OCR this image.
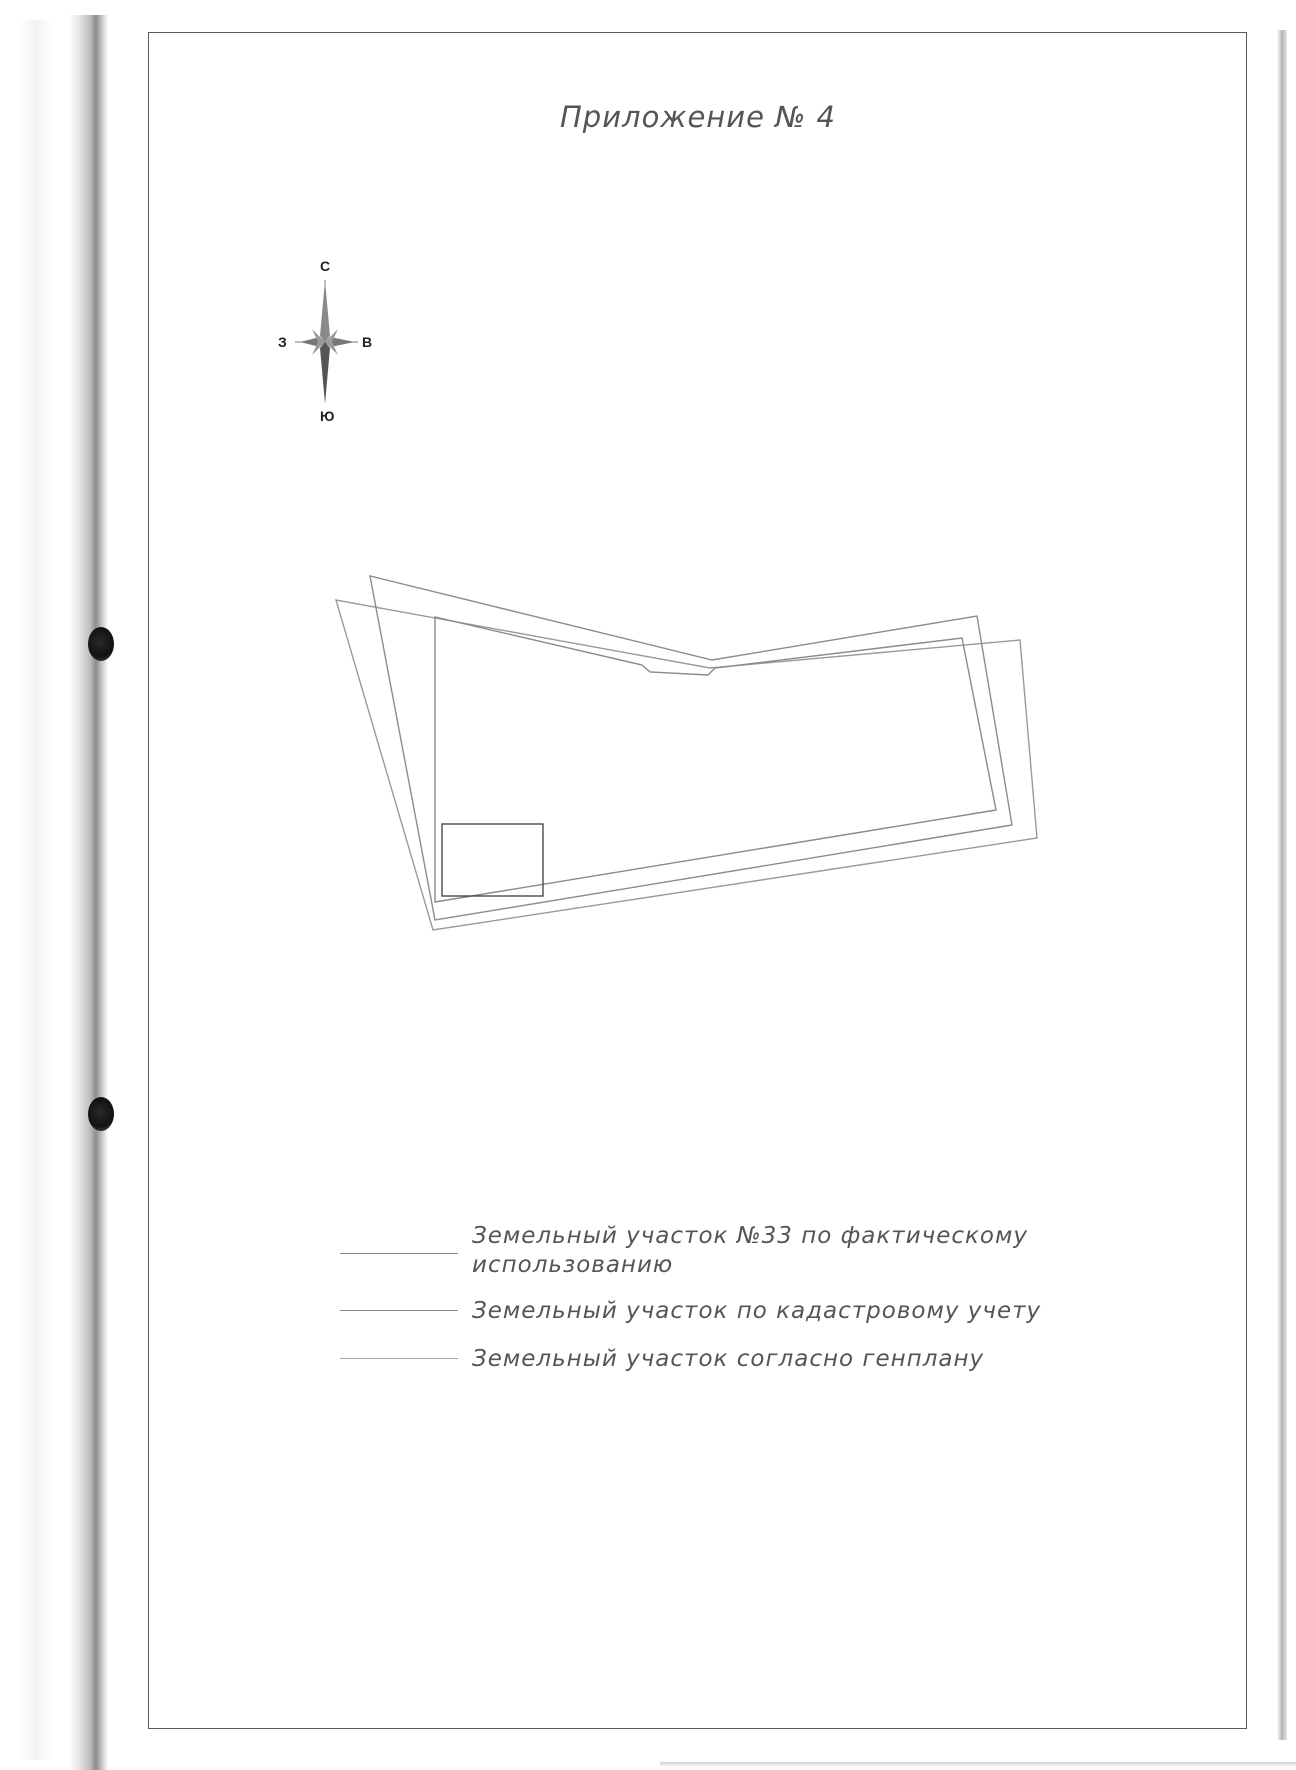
Приложение № 4
С
З	В
Ю
Земельный участок №33 по фактическому использованию
Земельный участок по кадастровому учету
Земельный участок согласно генплану
